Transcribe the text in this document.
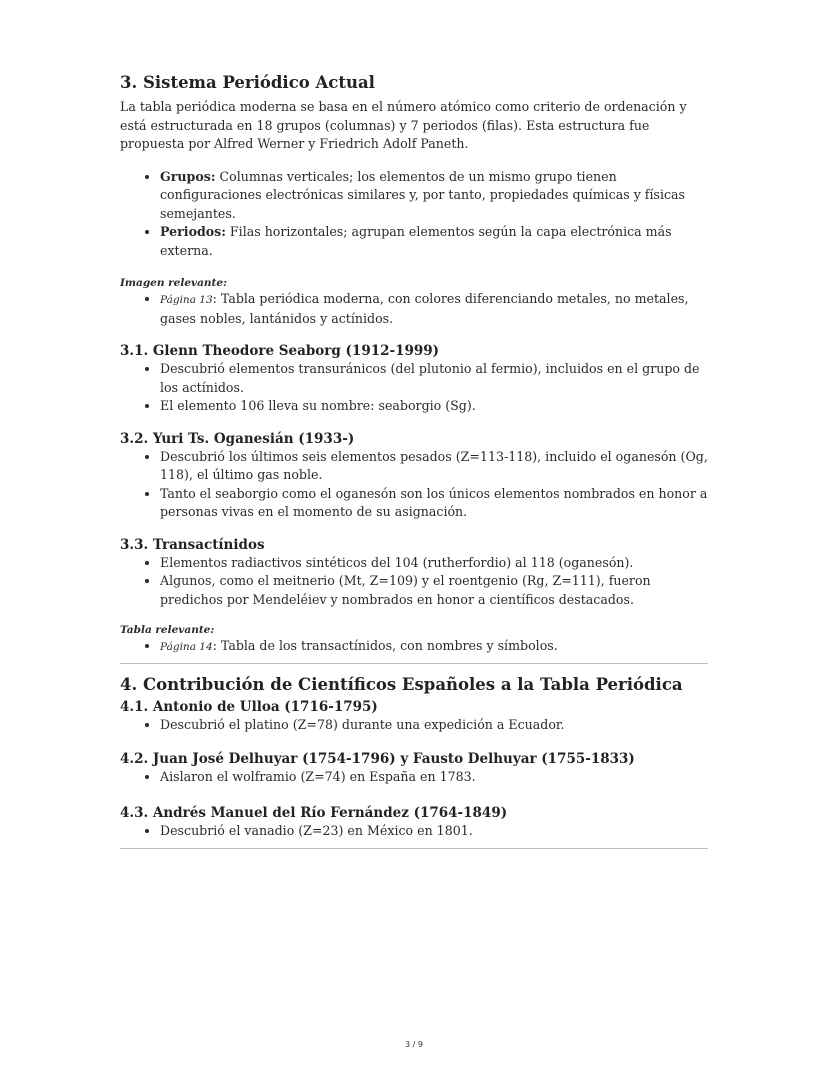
3. Sistema Periódico Actual

La tabla periódica moderna se basa en el número atómico como criterio de ordenación y está estructurada en 18 grupos (columnas) y 7 periodos (filas). Esta estructura fue propuesta por Alfred Werner y Friedrich Adolf Paneth.

• Grupos: Columnas verticales; los elementos de un mismo grupo tienen configuraciones electrónicas similares y, por tanto, propiedades químicas y físicas semejantes.
• Periodos: Filas horizontales; agrupan elementos según la capa electrónica más externa.

Imagen relevante:

• Página 13: Tabla periódica moderna, con colores diferenciando metales, no metales, gases nobles, lantánidos y actínidos.
3.1. Glenn Theodore Seaborg (1912-1999)
• Descubrió elementos transuránicos (del plutonio al fermio), incluidos en el grupo de los actínidos.
• El elemento 106 lleva su nombre: seaborgio (Sg).
3.2. Yuri Ts. Oganesián (1933-)
• Descubrió los últimos seis elementos pesados (Z=113-118), incluido el oganesón (Og, 118), el último gas noble.
• Tanto el seaborgio como el oganesón son los únicos elementos nombrados en honor a personas vivas en el momento de su asignación.
3.3. Transactínidos
• Elementos radiactivos sintéticos del 104 (rutherfordio) al 118 (oganesón).
• Algunos, como el meitnerio (Mt, Z=109) y el roentgenio (Rg, Z=111), fueron predichos por Mendeléiev y nombrados en honor a científicos destacados.

Tabla relevante:

• Página 14: Tabla de los transactínidos, con nombres y símbolos.
4. Contribución de Científicos Españoles a la Tabla Periódica
4.1. Antonio de Ulloa (1716-1795)
• Descubrió el platino (Z=78) durante una expedición a Ecuador.
4.2. Juan José Delhuyar (1754-1796) y Fausto Delhuyar (1755-1833)
• Aislaron el wolframio (Z=74) en España en 1783.
4.3. Andrés Manuel del Río Fernández (1764-1849)
• Descubrió el vanadio (Z=23) en México en 1801.
3 / 9
